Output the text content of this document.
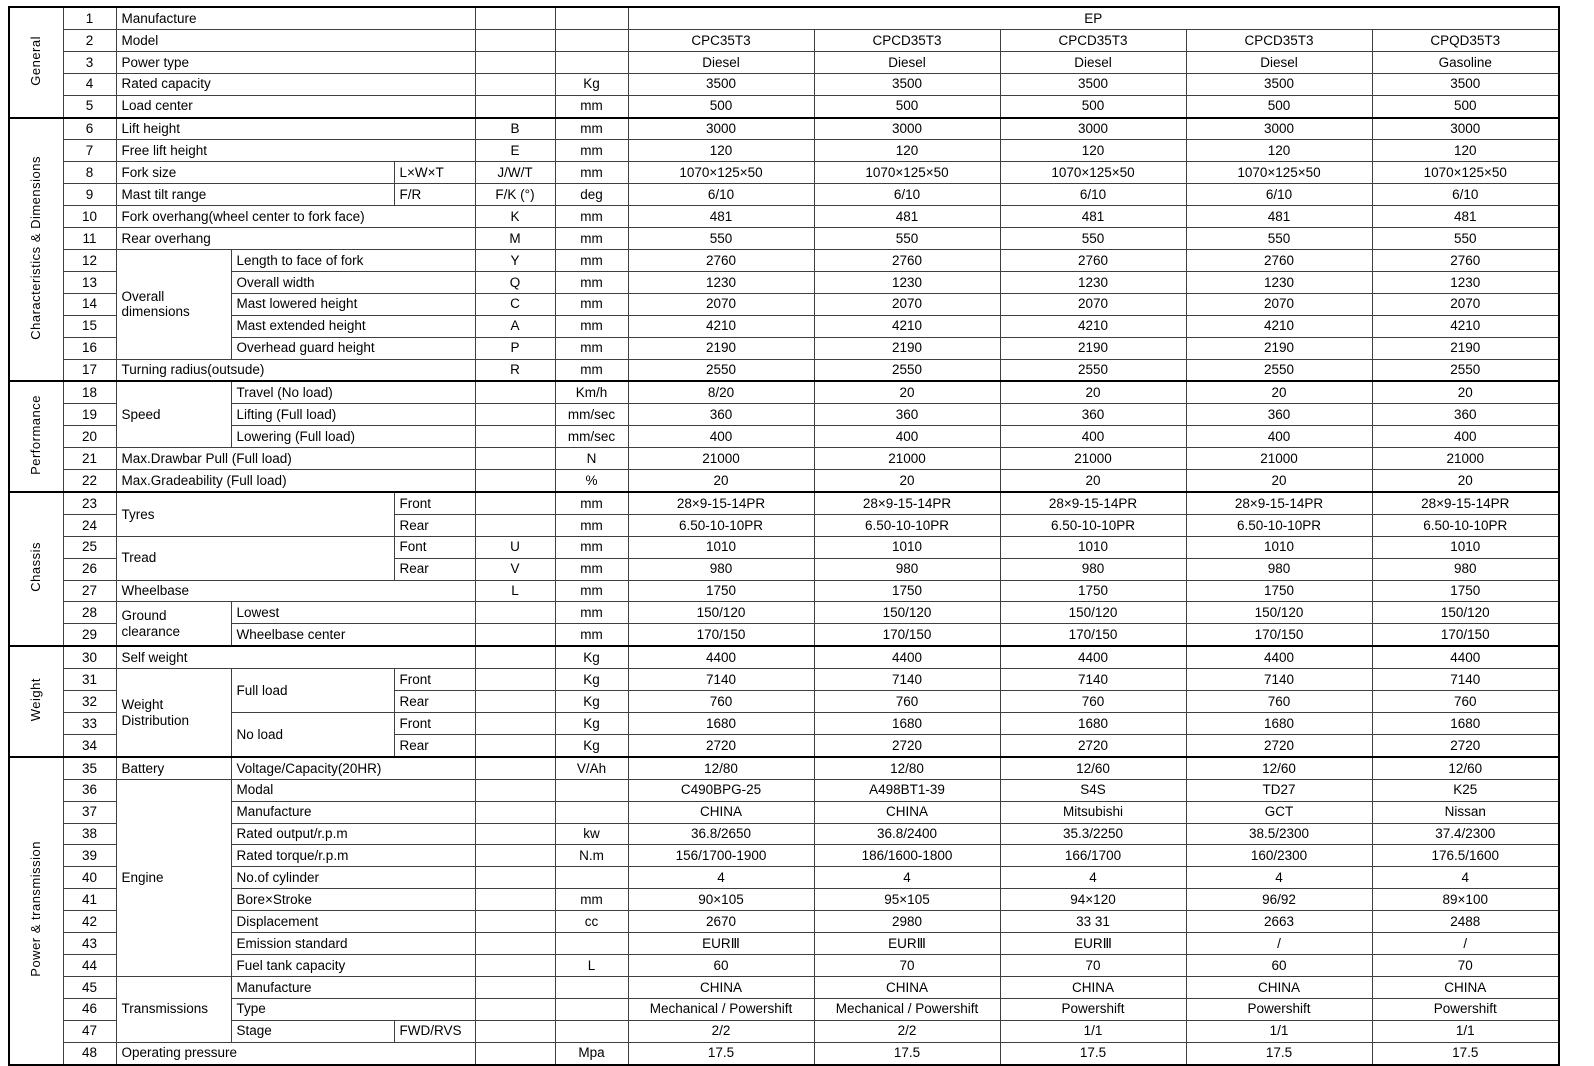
General	1	Manufacture					EP				
	2	Model					CPC35T3	CPCD35T3	CPCD35T3	CPCD35T3	CPQD35T3
	3	Power type					Diesel	Diesel	Diesel	Diesel	Gasoline
	4	Rated capacity				Kg	3500	3500	3500	3500	3500
	5	Load center				mm	500	500	500	500	500
Characteristics & Dimensions	6	Lift height			B	mm	3000	3000	3000	3000	3000
	7	Free lift height			E	mm	120	120	120	120	120
	8	Fork size		L×W×T	J/W/T	mm	1070×125×50	1070×125×50	1070×125×50	1070×125×50	1070×125×50
	9	Mast tilt range		F/R	F/K (°)	deg	6/10	6/10	6/10	6/10	6/10
	10	Fork overhang(wheel center to fork face)			K	mm	481	481	481	481	481
	11	Rear overhang			M	mm	550	550	550	550	550
	12	Overall dimensions	Length to face of fork		Y	mm	2760	2760	2760	2760	2760
	13		Overall width		Q	mm	1230	1230	1230	1230	1230
	14		Mast lowered height		C	mm	2070	2070	2070	2070	2070
	15		Mast extended height		A	mm	4210	4210	4210	4210	4210
	16		Overhead guard height		P	mm	2190	2190	2190	2190	2190
	17	Turning radius(outsude)			R	mm	2550	2550	2550	2550	2550
Performance	18	Speed	Travel (No load)			Km/h	8/20	20	20	20	20
	19		Lifting (Full load)			mm/sec	360	360	360	360	360
	20		Lowering (Full load)			mm/sec	400	400	400	400	400
	21	Max.Drawbar Pull (Full load)				N	21000	21000	21000	21000	21000
	22	Max.Gradeability (Full load)				%	20	20	20	20	20
Chassis	23	Tyres		Front		mm	28×9-15-14PR	28×9-15-14PR	28×9-15-14PR	28×9-15-14PR	28×9-15-14PR
	24			Rear		mm	6.50-10-10PR	6.50-10-10PR	6.50-10-10PR	6.50-10-10PR	6.50-10-10PR
	25	Tread		Font	U	mm	1010	1010	1010	1010	1010
	26			Rear	V	mm	980	980	980	980	980
	27	Wheelbase			L	mm	1750	1750	1750	1750	1750
	28	Ground clearance	Lowest			mm	150/120	150/120	150/120	150/120	150/120
	29		Wheelbase center			mm	170/150	170/150	170/150	170/150	170/150
Weight	30	Self weight				Kg	4400	4400	4400	4400	4400
	31	Weight Distribution	Full load	Front		Kg	7140	7140	7140	7140	7140
	32			Rear		Kg	760	760	760	760	760
	33		No load	Front		Kg	1680	1680	1680	1680	1680
	34			Rear		Kg	2720	2720	2720	2720	2720
Power & transmission	35	Battery	Voltage/Capacity(20HR)			V/Ah	12/80	12/80	12/60	12/60	12/60
	36	Engine	Modal				C490BPG-25	A498BT1-39	S4S	TD27	K25
	37		Manufacture				CHINA	CHINA	Mitsubishi	GCT	Nissan
	38		Rated output/r.p.m			kw	36.8/2650	36.8/2400	35.3/2250	38.5/2300	37.4/2300
	39		Rated torque/r.p.m			N.m	156/1700-1900	186/1600-1800	166/1700	160/2300	176.5/1600
	40		No.of cylinder				4	4	4	4	4
	41		Bore×Stroke			mm	90×105	95×105	94×120	96/92	89×100
	42		Displacement			cc	2670	2980	33 31	2663	2488
	43		Emission standard				EURⅢ	EURⅢ	EURⅢ	/	/
	44		Fuel tank capacity			L	60	70	70	60	70
	45	Transmissions	Manufacture				CHINA	CHINA	CHINA	CHINA	CHINA
	46		Type				Mechanical / Powershift	Mechanical / Powershift	Powershift	Powershift	Powershift
	47		Stage	FWD/RVS			2/2	2/2	1/1	1/1	1/1
	48	Operating pressure				Mpa	17.5	17.5	17.5	17.5	17.5
